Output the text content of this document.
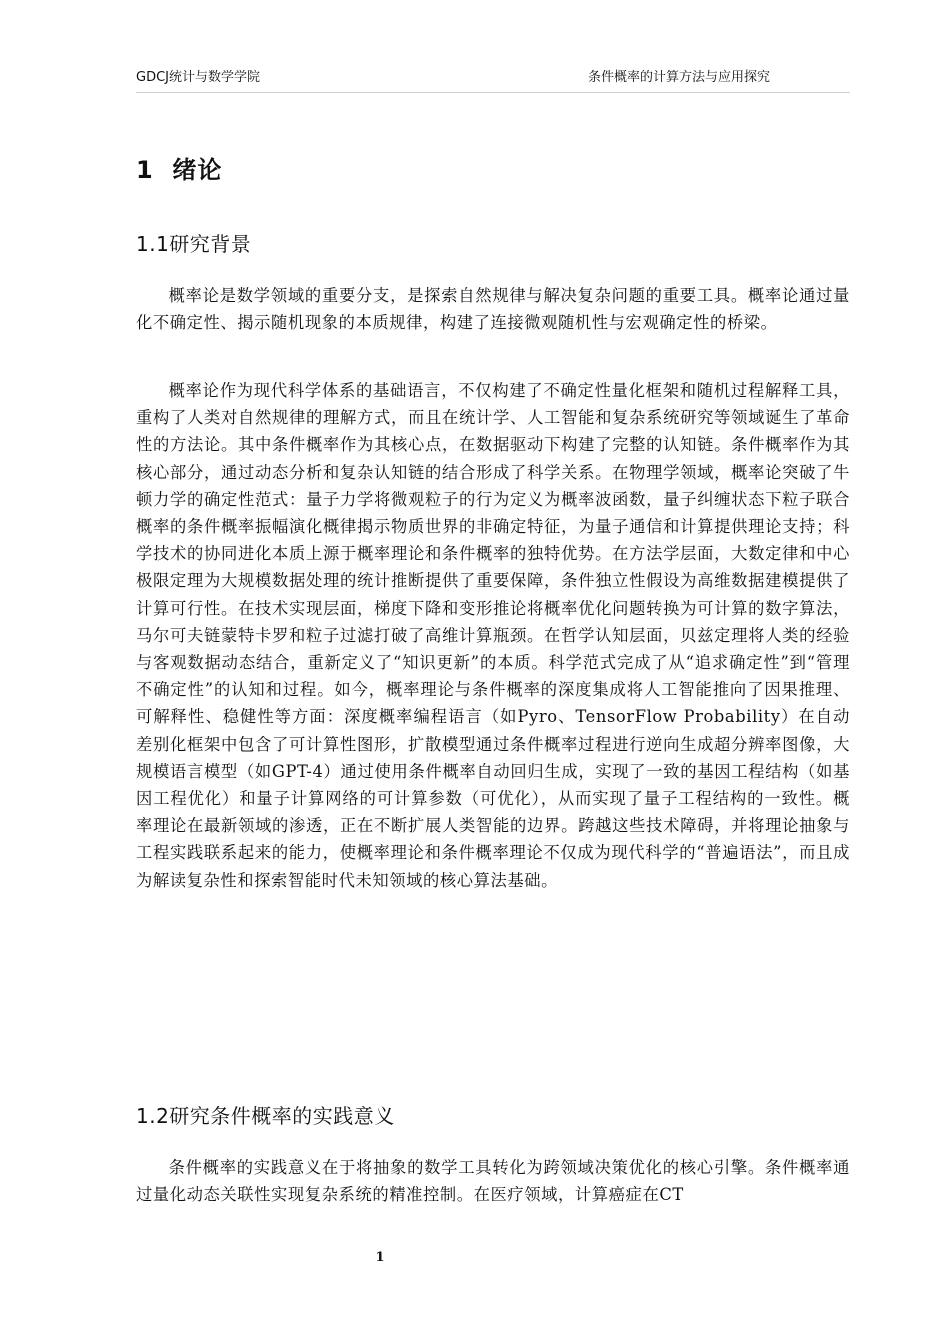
GDCJ统计与数学学院	条件概率的计算方法与应用探究
1  绪论
1.1研究背景

概率论是数学领域的重要分支，是探索自然规律与解决复杂问题的重要工具。概率论通过量化不确定性、揭示随机现象的本质规律，构建了连接微观随机性与宏观确定性的桥梁。

概率论作为现代科学体系的基础语言，不仅构建了不确定性量化框架和随机过程解释工具，重构了人类对自然规律的理解方式，而且在统计学、人工智能和复杂系统研究等领域诞生了革命性的方法论。其中条件概率作为其核心点，在数据驱动下构建了完整的认知链。条件概率作为其核心部分，通过动态分析和复杂认知链的结合形成了科学关系。在物理学领域，概率论突破了牛顿力学的确定性范式：量子力学将微观粒子的行为定义为概率波函数，量子纠缠状态下粒子联合概率的条件概率振幅演化概律揭示物质世界的非确定特征，为量子通信和计算提供理论支持；科学技术的协同进化本质上源于概率理论和条件概率的独特优势。在方法学层面，大数定律和中心极限定理为大规模数据处理的统计推断提供了重要保障，条件独立性假设为高维数据建模提供了计算可行性。在技术实现层面，梯度下降和变形推论将概率优化问题转换为可计算的数字算法，马尔可夫链蒙特卡罗和粒子过滤打破了高维计算瓶颈。在哲学认知层面，贝兹定理将人类的经验与客观数据动态结合，重新定义了“知识更新”的本质。科学范式完成了从“追求确定性”到“管理不确定性”的认知和过程。如今，概率理论与条件概率的深度集成将人工智能推向了因果推理、可解释性、稳健性等方面：深度概率编程语言（如Pyro、TensorFlow Probability）在自动差别化框架中包含了可计算性图形，扩散模型通过条件概率过程进行逆向生成超分辨率图像，大规模语言模型（如GPT-4）通过使用条件概率自动回归生成，实现了一致的基因工程结构（如基因工程优化）和量子计算网络的可计算参数（可优化），从而实现了量子工程结构的一致性。概率理论在最新领域的渗透，正在不断扩展人类智能的边界。跨越这些技术障碍，并将理论抽象与工程实践联系起来的能力，使概率理论和条件概率理论不仅成为现代科学的“普遍语法”，而且成为解读复杂性和探索智能时代未知领域的核心算法基础。

1.2研究条件概率的实践意义

条件概率的实践意义在于将抽象的数学工具转化为跨领域决策优化的核心引擎。条件概率通过量化动态关联性实现复杂系统的精准控制。在医疗领域，计算癌症在CT

1
